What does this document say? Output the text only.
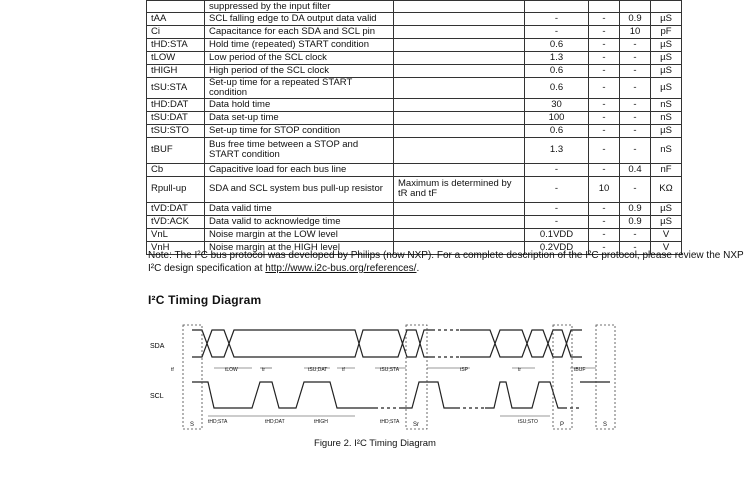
	suppressed by the input filter					
tAA	SCL falling edge to DA output data valid		-	-	0.9	µS
Ci	Capacitance for each SDA and SCL pin		-	-	10	pF
tHD:STA	Hold time (repeated) START condition		0.6	-	-	µS
tLOW	Low period of the SCL clock		1.3	-	-	µS
tHIGH	High period of the SCL clock		0.6	-	-	µS
tSU:STA	Set-up time for a repeated START condition		0.6	-	-	µS
tHD:DAT	Data hold time		30	-	-	nS
tSU:DAT	Data set-up time		100	-	-	nS
tSU:STO	Set-up time for STOP condition		0.6	-	-	µS
tBUF	Bus free time between a STOP and START condition		1.3	-	-	nS
Cb	Capacitive load for each bus line		-	-	0.4	nF
Rpull-up	SDA and SCL system bus pull-up resistor	Maximum is determined by tR and tF	-	10	-	KΩ
tVD:DAT	Data valid time		-	-	0.9	µS
tVD:ACK	Data valid to acknowledge time		-	-	0.9	µS
VnL	Noise margin at the LOW level		0.1VDD	-	-	V
VnH	Noise margin at the HIGH level		0.2VDD	-	-	V

Note: The I²C bus protocol was developed by Philips (now NXP). For a complete description of the I²C protocol, please review the NXP I²C design specification at http://www.i2c-bus.org/references/.

I²C Timing Diagram
SDA
SCL
tf	tLOW	tr	tSU;DAT	tf
tHD;STA	tHD;DAT	tHIGH
tSU;STA
tHD;STA
tSP	tr
tSU;STO
tBUF
S	Sr	P	S

Figure 2. I²C Timing Diagram
